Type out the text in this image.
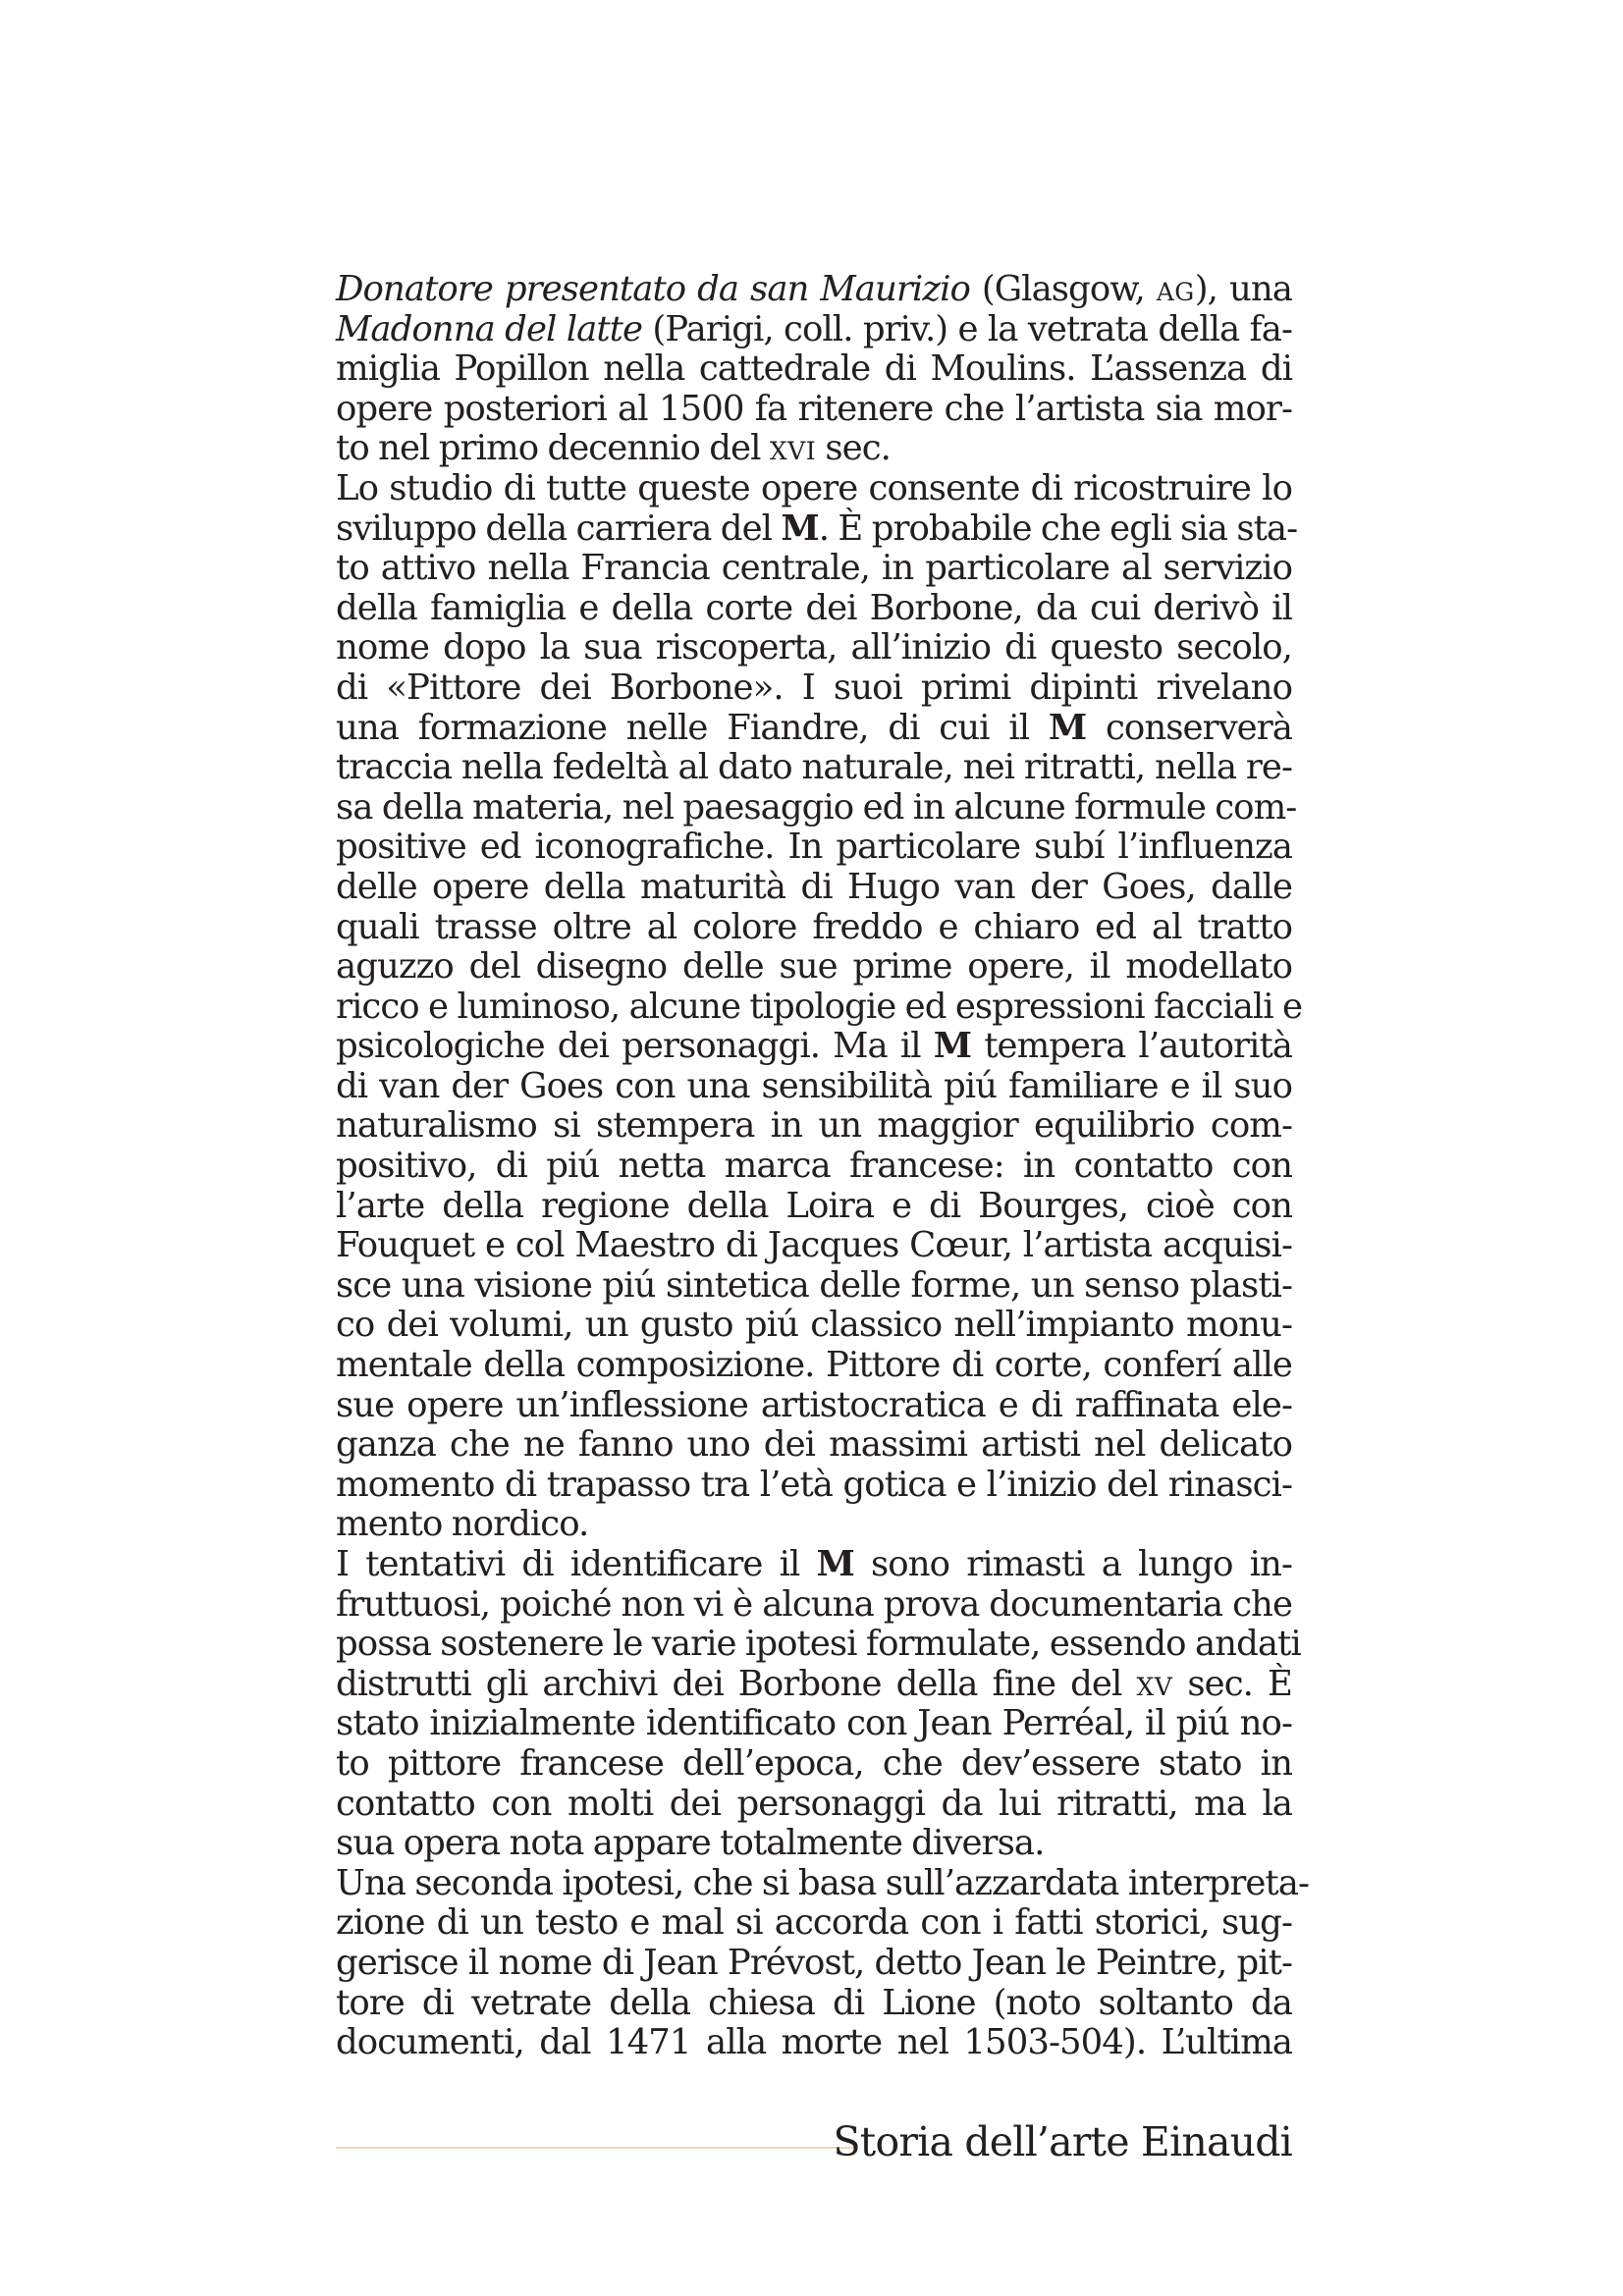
Donatore presentato da san Maurizio (Glasgow, ag), una
Madonna del latte (Parigi, coll. priv.) e la vetrata della fa-
miglia Popillon nella cattedrale di Moulins. L’assenza di
opere posteriori al 1500 fa ritenere che l’artista sia mor-
to nel primo decennio del xvi sec.

Lo studio di tutte queste opere consente di ricostruire lo
sviluppo della carriera del M. È probabile che egli sia sta-
to attivo nella Francia centrale, in particolare al servizio
della famiglia e della corte dei Borbone, da cui derivò il
nome dopo la sua riscoperta, all’inizio di questo secolo,
di «Pittore dei Borbone». I suoi primi dipinti rivelano
una formazione nelle Fiandre, di cui il M conserverà
traccia nella fedeltà al dato naturale, nei ritratti, nella re-
sa della materia, nel paesaggio ed in alcune formule com-
positive ed iconografiche. In particolare subí l’influenza
delle opere della maturità di Hugo van der Goes, dalle
quali trasse oltre al colore freddo e chiaro ed al tratto
aguzzo del disegno delle sue prime opere, il modellato
ricco e luminoso, alcune tipologie ed espressioni facciali e
psicologiche dei personaggi. Ma il M tempera l’autorità
di van der Goes con una sensibilità piú familiare e il suo
naturalismo si stempera in un maggior equilibrio com-
positivo, di piú netta marca francese: in contatto con
l’arte della regione della Loira e di Bourges, cioè con
Fouquet e col Maestro di Jacques Cœur, l’artista acquisi-
sce una visione piú sintetica delle forme, un senso plasti-
co dei volumi, un gusto piú classico nell’impianto monu-
mentale della composizione. Pittore di corte, conferí alle
sue opere un’inflessione artistocratica e di raffinata ele-
ganza che ne fanno uno dei massimi artisti nel delicato
momento di trapasso tra l’età gotica e l’inizio del rinasci-
mento nordico.

I tentativi di identificare il M sono rimasti a lungo in-
fruttuosi, poiché non vi è alcuna prova documentaria che
possa sostenere le varie ipotesi formulate, essendo andati
distrutti gli archivi dei Borbone della fine del xv sec. È
stato inizialmente identificato con Jean Perréal, il piú no-
to pittore francese dell’epoca, che dev’essere stato in
contatto con molti dei personaggi da lui ritratti, ma la
sua opera nota appare totalmente diversa.

Una seconda ipotesi, che si basa sull’azzardata interpreta-
zione di un testo e mal si accorda con i fatti storici, sug-
gerisce il nome di Jean Prévost, detto Jean le Peintre, pit-
tore di vetrate della chiesa di Lione (noto soltanto da
documenti, dal 1471 alla morte nel 1503-504). L’ultima

Storia dell’arte Einaudi
